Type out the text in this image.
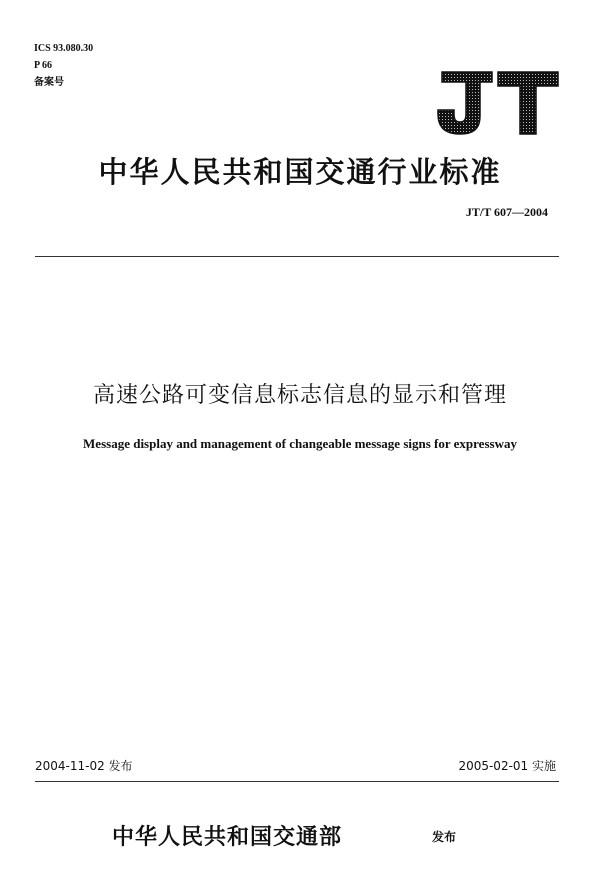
ICS 93.080.30
P 66
备案号
中华人民共和国交通行业标准
JT/T 607—2004
高速公路可变信息标志信息的显示和管理
Message display and management of changeable message signs for expressway
2004-11-02 发布	2005-02-01 实施
中华人民共和国交通部	发布
